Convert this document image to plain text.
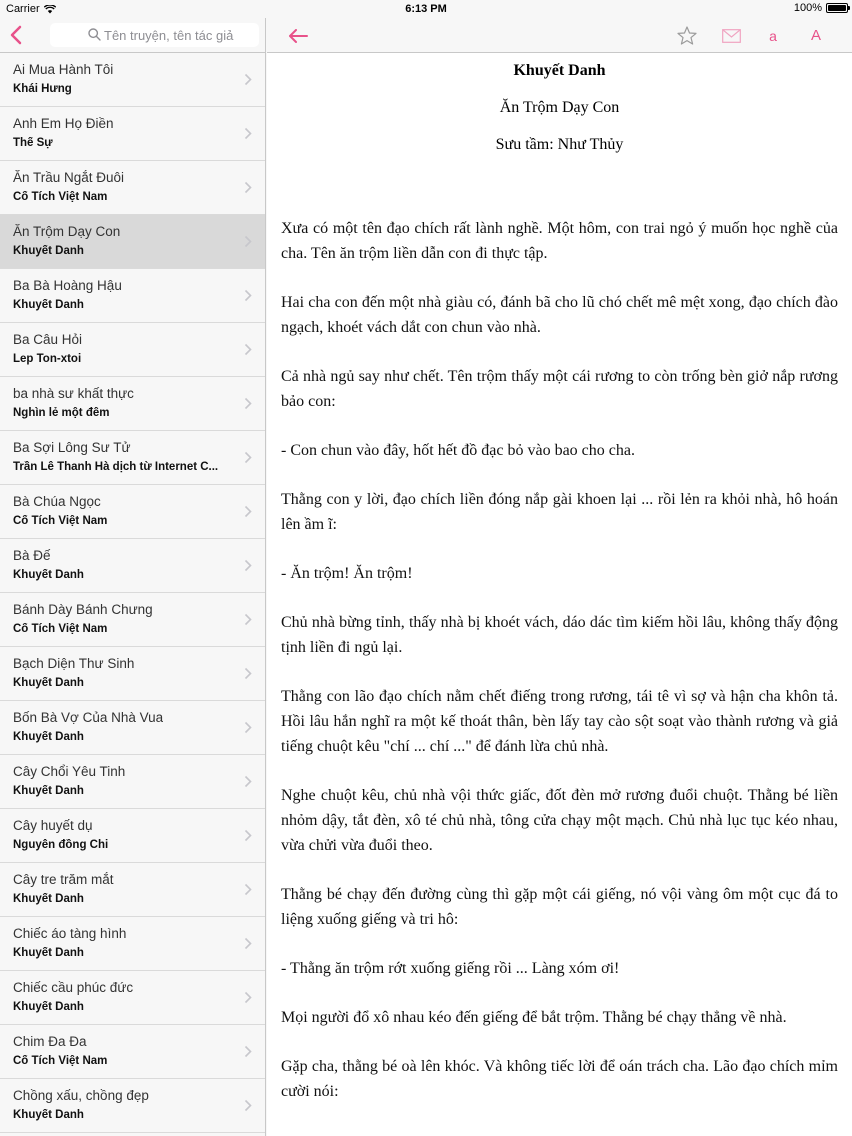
Carrier	6:13 PM	100%
Tên truyện, tên tác giả
Ai Mua Hành Tôi
Khái Hưng
Anh Em Họ Điền
Thế Sự
Ăn Trầu Ngắt Đuôi
Cổ Tích Việt Nam
Ăn Trộm Dạy Con
Khuyết Danh
Ba Bà Hoàng Hậu
Khuyết Danh
Ba Câu Hỏi
Lep Ton-xtoi
ba nhà sư khất thực
Nghìn lẻ một đêm
Ba Sợi Lông Sư Tử
Trần Lê Thanh Hà dịch từ Internet C...
Bà Chúa Ngọc
Cổ Tích Việt Nam
Bà Đế
Khuyết Danh
Bánh Dày Bánh Chưng
Cổ Tích Việt Nam
Bạch Diện Thư Sinh
Khuyết Danh
Bốn Bà Vợ Của Nhà Vua
Khuyết Danh
Cây Chổi Yêu Tinh
Khuyết Danh
Cây huyết dụ
Nguyễn đồng Chi
Cây tre trăm mắt
Khuyết Danh
Chiếc áo tàng hình
Khuyết Danh
Chiếc cầu phúc đức
Khuyết Danh
Chim Đa Đa
Cổ Tích Việt Nam
Chồng xấu, chồng đẹp
Khuyết Danh
a A
Khuyết Danh
Ăn Trộm Dạy Con
Sưu tầm: Như Thủy

Xưa có một tên đạo chích rất lành nghề. Một hôm, con trai ngỏ ý muốn học nghề của cha. Tên ăn trộm liền dẫn con đi thực tập.

Hai cha con đến một nhà giàu có, đánh bã cho lũ chó chết mê mệt xong, đạo chích đào ngạch, khoét vách dắt con chun vào nhà.

Cả nhà ngủ say như chết. Tên trộm thấy một cái rương to còn trống bèn giở nắp rương bảo con:

- Con chun vào đây, hốt hết đồ đạc bỏ vào bao cho cha.

Thằng con y lời, đạo chích liền đóng nắp gài khoen lại ... rồi lẻn ra khỏi nhà, hô hoán lên ầm ĩ:

- Ăn trộm! Ăn trộm!

Chủ nhà bừng tỉnh, thấy nhà bị khoét vách, dáo dác tìm kiếm hồi lâu, không thấy động tịnh liền đi ngủ lại.

Thằng con lão đạo chích nằm chết điếng trong rương, tái tê vì sợ và hận cha khôn tả. Hồi lâu hắn nghĩ ra một kế thoát thân, bèn lấy tay cào sột soạt vào thành rương và giả tiếng chuột kêu "chí ... chí ..." để đánh lừa chủ nhà.

Nghe chuột kêu, chủ nhà vội thức giấc, đốt đèn mở rương đuổi chuột. Thằng bé liền nhỏm dậy, tắt đèn, xô té chủ nhà, tông cửa chạy một mạch. Chủ nhà lục tục kéo nhau, vừa chửi vừa đuổi theo.

Thằng bé chạy đến đường cùng thì gặp một cái giếng, nó vội vàng ôm một cục đá to liệng xuống giếng và tri hô:

- Thằng ăn trộm rớt xuống giếng rồi ... Làng xóm ơi!

Mọi người đổ xô nhau kéo đến giếng để bắt trộm. Thằng bé chạy thẳng về nhà.

Gặp cha, thằng bé oà lên khóc. Và không tiếc lời để oán trách cha. Lão đạo chích mỉm cười nói:
